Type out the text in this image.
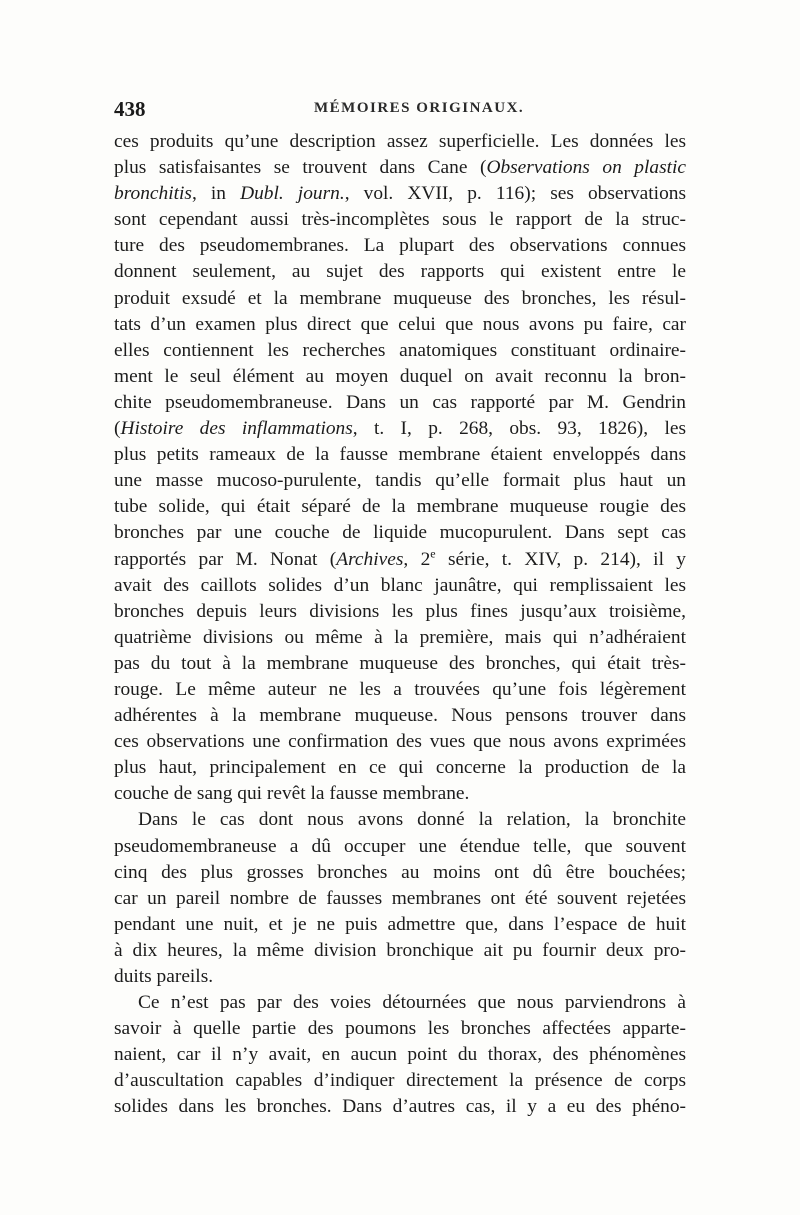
438	MÉMOIRES ORIGINAUX.
ces produits qu’une description assez superficielle. Les données les
plus satisfaisantes se trouvent dans Cane (Observations on plastic
bronchitis, in Dubl. journ., vol. XVII, p. 116); ses observations
sont cependant aussi très-incomplètes sous le rapport de la struc-
ture des pseudomembranes. La plupart des observations connues
donnent seulement, au sujet des rapports qui existent entre le
produit exsudé et la membrane muqueuse des bronches, les résul-
tats d’un examen plus direct que celui que nous avons pu faire, car
elles contiennent les recherches anatomiques constituant ordinaire-
ment le seul élément au moyen duquel on avait reconnu la bron-
chite pseudomembraneuse. Dans un cas rapporté par M. Gendrin
(Histoire des inflammations, t. I, p. 268, obs. 93, 1826), les
plus petits rameaux de la fausse membrane étaient enveloppés dans
une masse mucoso-purulente, tandis qu’elle formait plus haut un
tube solide, qui était séparé de la membrane muqueuse rougie des
bronches par une couche de liquide mucopurulent. Dans sept cas
rapportés par M. Nonat (Archives, 2e série, t. XIV, p. 214), il y
avait des caillots solides d’un blanc jaunâtre, qui remplissaient les
bronches depuis leurs divisions les plus fines jusqu’aux troisième,
quatrième divisions ou même à la première, mais qui n’adhéraient
pas du tout à la membrane muqueuse des bronches, qui était très-
rouge. Le même auteur ne les a trouvées qu’une fois légèrement
adhérentes à la membrane muqueuse. Nous pensons trouver dans
ces observations une confirmation des vues que nous avons exprimées
plus haut, principalement en ce qui concerne la production de la
couche de sang qui revêt la fausse membrane.
Dans le cas dont nous avons donné la relation, la bronchite
pseudomembraneuse a dû occuper une étendue telle, que souvent
cinq des plus grosses bronches au moins ont dû être bouchées;
car un pareil nombre de fausses membranes ont été souvent rejetées
pendant une nuit, et je ne puis admettre que, dans l’espace de huit
à dix heures, la même division bronchique ait pu fournir deux pro-
duits pareils.
Ce n’est pas par des voies détournées que nous parviendrons à
savoir à quelle partie des poumons les bronches affectées apparte-
naient, car il n’y avait, en aucun point du thorax, des phénomènes
d’auscultation capables d’indiquer directement la présence de corps
solides dans les bronches. Dans d’autres cas, il y a eu des phéno-
